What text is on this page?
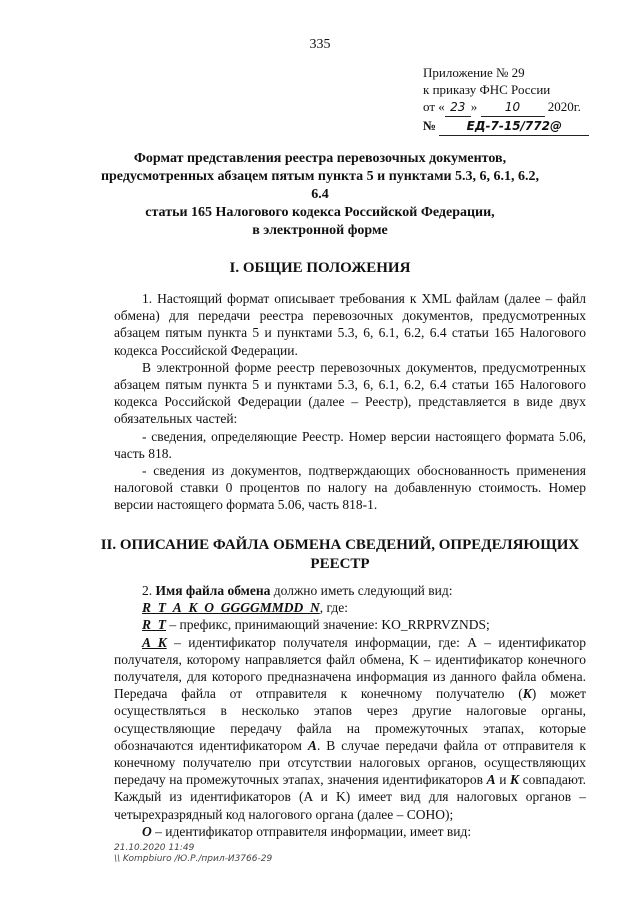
335
Приложение № 29
к приказу ФНС России
от « 23 » 10 2020г.
№	ЕД-7-15/772@
Формат представления реестра перевозочных документов,
предусмотренных абзацем пятым пункта 5 и пунктами 5.3, 6, 6.1, 6.2, 6.4
статьи 165 Налогового кодекса Российской Федерации,
в электронной форме
I. ОБЩИЕ ПОЛОЖЕНИЯ

1. Настоящий формат описывает требования к XML файлам (далее – файл обмена) для передачи реестра перевозочных документов, предусмотренных абзацем пятым пункта 5 и пунктами 5.3, 6, 6.1, 6.2, 6.4 статьи 165 Налогового кодекса Российской Федерации.

В электронной форме реестр перевозочных документов, предусмотренных абзацем пятым пункта 5 и пунктами 5.3, 6, 6.1, 6.2, 6.4 статьи 165 Налогового кодекса Российской Федерации (далее – Реестр), представляется в виде двух обязательных частей:

- сведения, определяющие Реестр. Номер версии настоящего формата 5.06, часть 818.

- сведения из документов, подтверждающих обоснованность применения налоговой ставки 0 процентов по налогу на добавленную стоимость. Номер версии настоящего формата 5.06, часть 818-1.

II. ОПИСАНИЕ ФАЙЛА ОБМЕНА СВЕДЕНИЙ, ОПРЕДЕЛЯЮЩИХ
РЕЕСТР

2. Имя файла обмена должно иметь следующий вид:

R_T_A_K_O_GGGGMMDD_N, где:

R_T – префикс, принимающий значение: KO_RRPRVZNDS;

A_K – идентификатор получателя информации, где: А – идентификатор получателя, которому направляется файл обмена, K – идентификатор конечного получателя, для которого предназначена информация из данного файла обмена. Передача файла от отправителя к конечному получателю (K) может осуществляться в несколько этапов через другие налоговые органы, осуществляющие передачу файла на промежуточных этапах, которые обозначаются идентификатором А. В случае передачи файла от отправителя к конечному получателю при отсутствии налоговых органов, осуществляющих передачу на промежуточных этапах, значения идентификаторов А и K совпадают. Каждый из идентификаторов (A и K) имеет вид для налоговых органов – четырехразрядный код налогового органа (далее – СОНО);

O – идентификатор отправителя информации, имеет вид:

21.10.2020 11:49
\\ Kompbiuro /Ю.Р./прил-И3766-29
